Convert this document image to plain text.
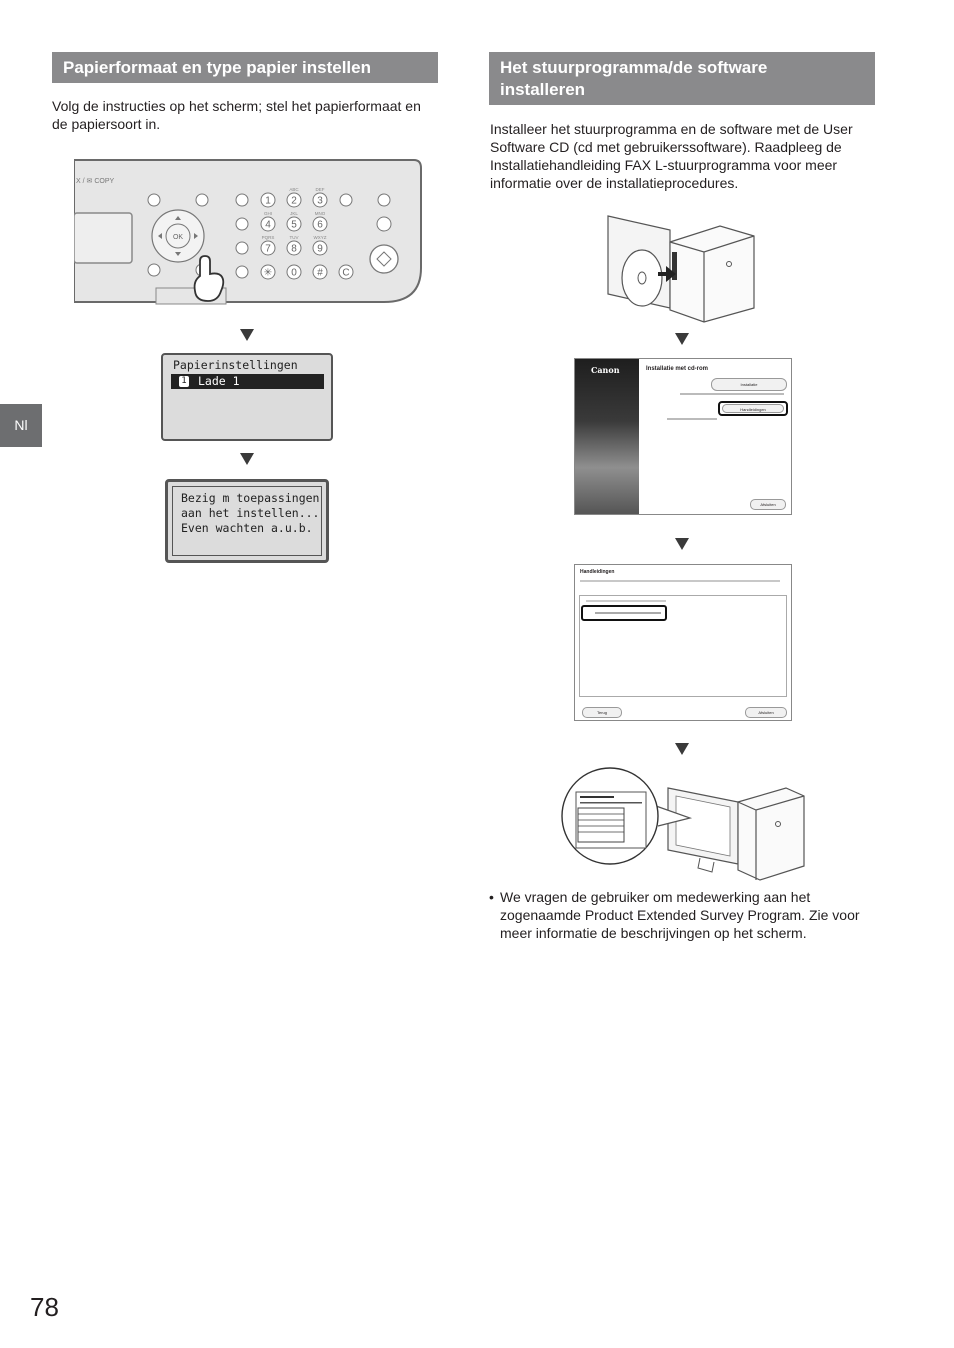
Papierformaat en type papier instellen

Volg de instructies op het scherm; stel het papierformaat en de papiersoort in.

X / ✉ COPY
OK
1 2
ABC
3
DEF
4
GHI
5
JKL
6
MNO
7
PQRS
8
TUV
9
WXYZ
✳ 0 # C
Papierinstellingen
1 Lade 1
Bezig m toepassingen
aan het instellen...
Even wachten a.u.b.
Nl
Het stuurprogramma/de software
installeren

Installeer het stuurprogramma en de software met de User Software CD (cd met gebruikerssoftware). Raadpleeg de Installatiehandleiding FAX L-stuurprogramma voor meer informatie over de installatieprocedures.

Canon	Installatie met cd-rom
Installatie
Handleidingen
Afsluiten
Handleidingen
Terug	Afsluiten
• We vragen de gebruiker om medewerking aan het zogenaamde Product Extended Survey Program. Zie voor meer informatie de beschrijvingen op het scherm.
78
